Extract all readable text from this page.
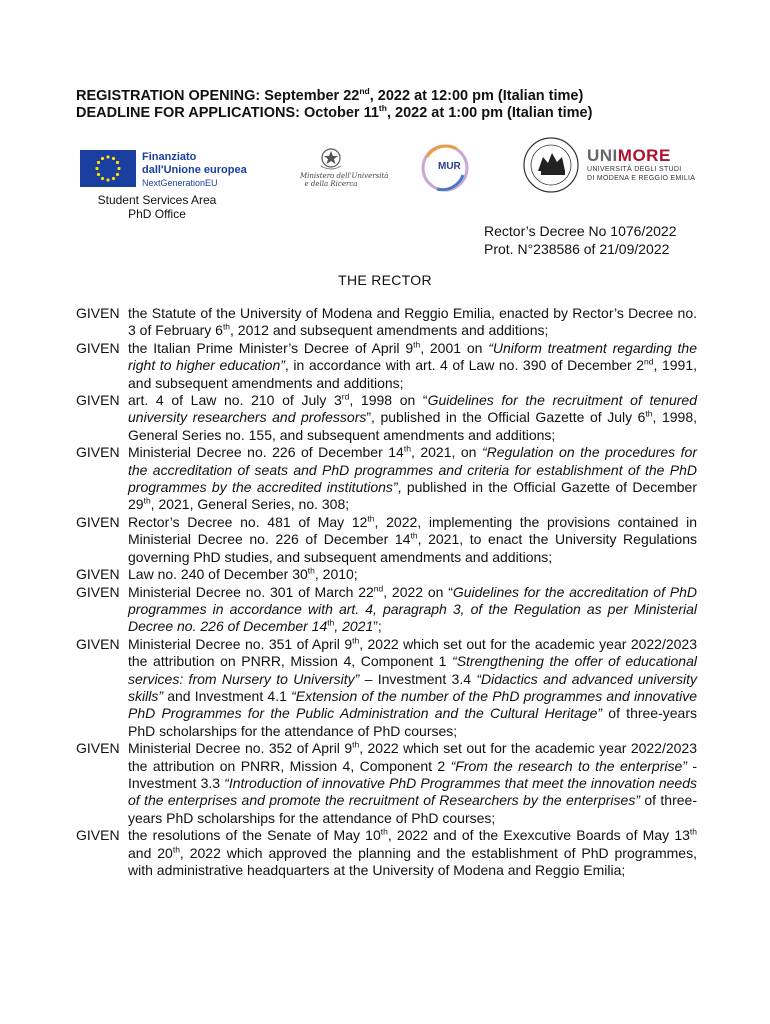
REGISTRATION OPENING: September 22nd, 2022 at 12:00 pm (Italian time)
DEADLINE FOR APPLICATIONS: October 11th, 2022 at 1:00 pm (Italian time)
Finanziato
dall'Unione europea
NextGenerationEU
Ministero dell'Università
e della Ricerca
MUR
UNIMORE
UNIVERSITÀ DEGLI STUDI
DI MODENA E REGGIO EMILIA
Student Services Area
PhD Office
Rector’s Decree No 1076/2022
Prot. N°238586 of 21/09/2022
THE RECTOR
GIVEN the Statute of the University of Modena and Reggio Emilia, enacted by Rector’s Decree no. 3 of February 6th, 2012 and subsequent amendments and additions;
GIVEN the Italian Prime Minister’s Decree of April 9th, 2001 on “Uniform treatment regarding the right to higher education”, in accordance with art. 4 of Law no. 390 of December 2nd, 1991, and subsequent amendments and additions;
GIVEN art. 4 of Law no. 210 of July 3rd, 1998 on “Guidelines for the recruitment of tenured university researchers and professors”, published in the Official Gazette of July 6th, 1998, General Series no. 155, and subsequent amendments and additions;
GIVEN Ministerial Decree no. 226 of December 14th, 2021, on “Regulation on the procedures for the accreditation of seats and PhD programmes and criteria for establishment of the PhD programmes by the accredited institutions”, published in the Official Gazette of December 29th, 2021, General Series, no. 308;
GIVEN Rector’s Decree no. 481 of May 12th, 2022, implementing the provisions contained in Ministerial Decree no. 226 of December 14th, 2021, to enact the University Regulations governing PhD studies, and subsequent amendments and additions;
GIVEN Law no. 240 of December 30th, 2010;
GIVEN Ministerial Decree no. 301 of March 22nd, 2022 on “Guidelines for the accreditation of PhD programmes in accordance with art. 4, paragraph 3, of the Regulation as per Ministerial Decree no. 226 of December 14th, 2021”;
GIVEN Ministerial Decree no. 351 of April 9th, 2022 which set out for the academic year 2022/2023 the attribution on PNRR, Mission 4, Component 1 “Strengthening the offer of educational services: from Nursery to University” – Investment 3.4 “Didactics and advanced university skills” and Investment 4.1 “Extension of the number of the PhD programmes and innovative PhD Programmes for the Public Administration and the Cultural Heritage” of three-years PhD scholarships for the attendance of PhD courses;
GIVEN Ministerial Decree no. 352 of April 9th, 2022 which set out for the academic year 2022/2023 the attribution on PNRR, Mission 4, Component 2 “From the research to the enterprise” - Investment 3.3 “Introduction of innovative PhD Programmes that meet the innovation needs of the enterprises and promote the recruitment of Researchers by the enterprises” of three-years PhD scholarships for the attendance of PhD courses;
GIVEN the resolutions of the Senate of May 10th, 2022 and of the Exexcutive Boards of May 13th and 20th, 2022 which approved the planning and the establishment of PhD programmes, with administrative headquarters at the University of Modena and Reggio Emilia;
